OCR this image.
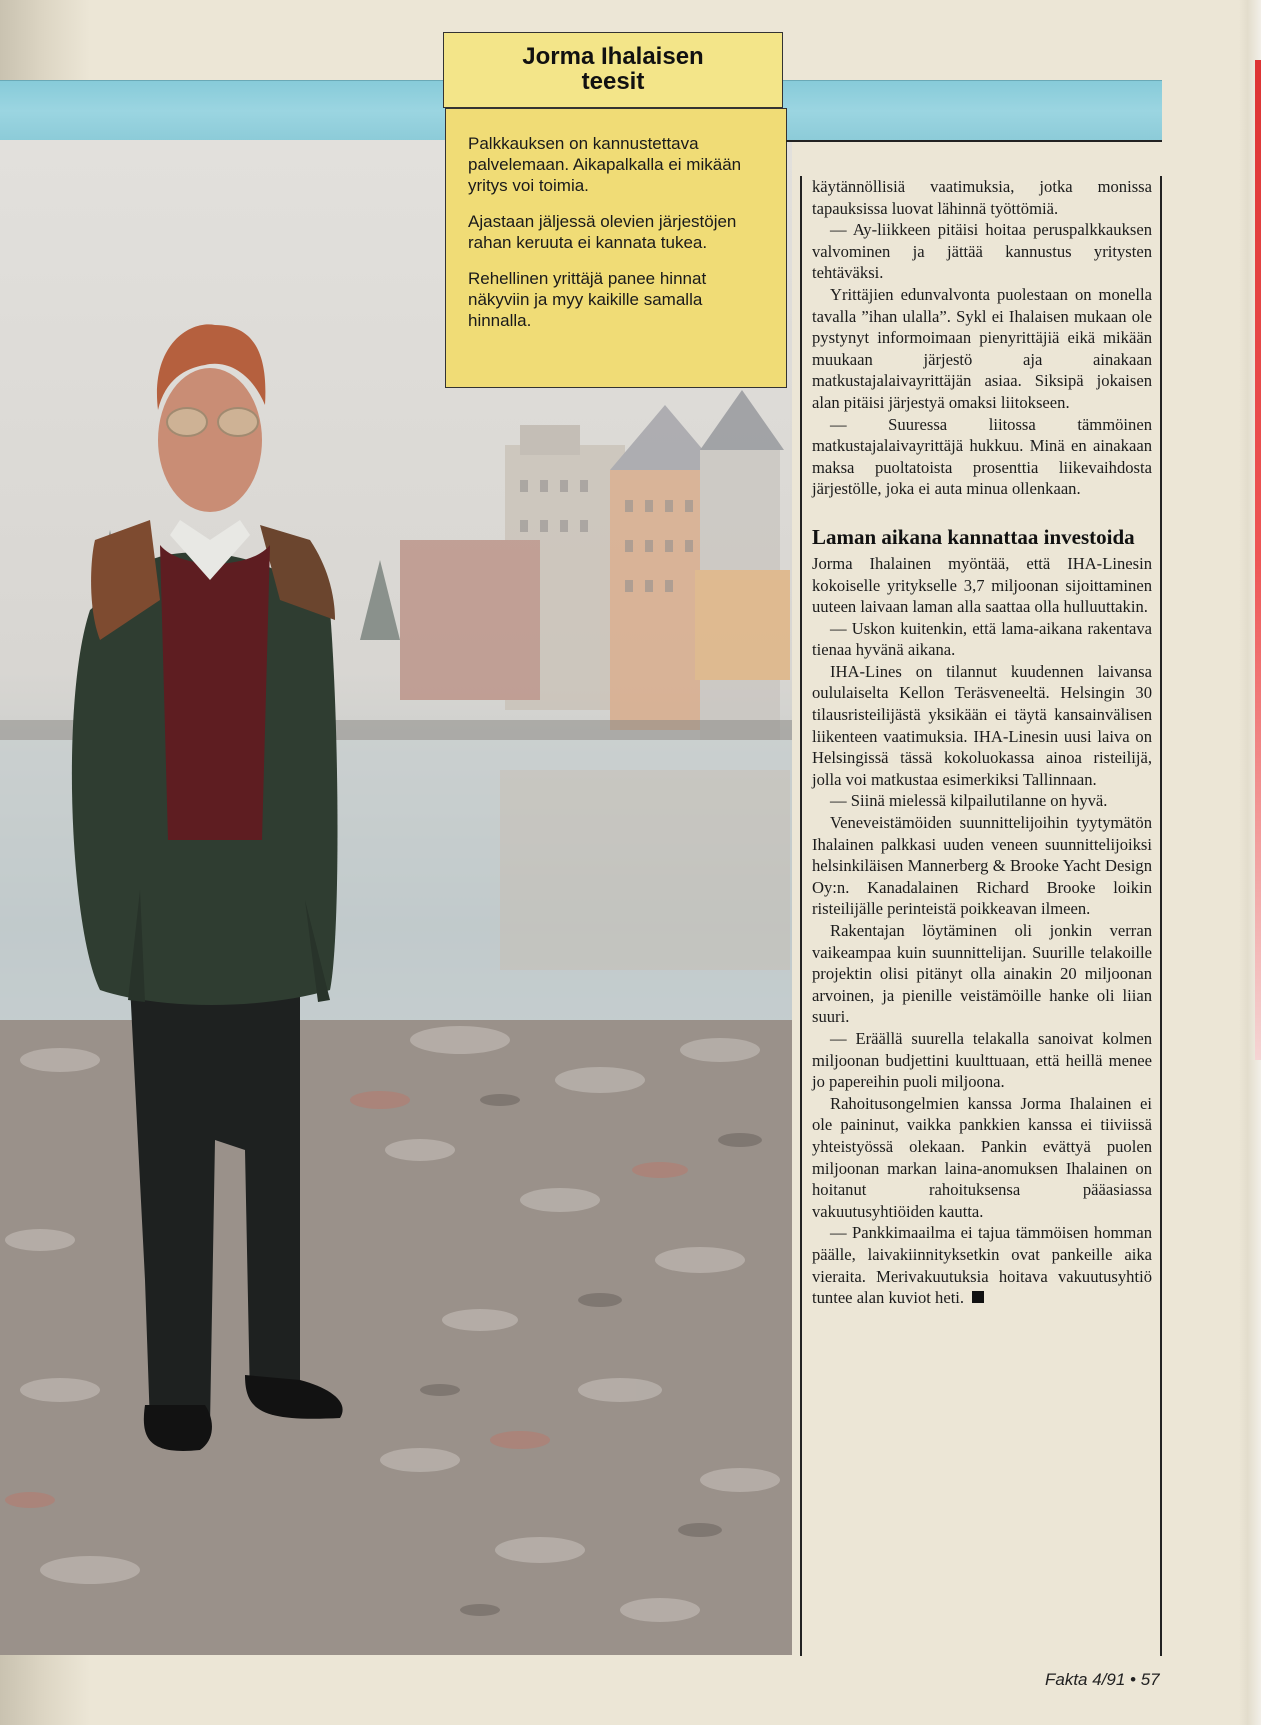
Jorma Ihalaisen

teesit

Palkkauksen on kannustettava palvelemaan. Aikapalkalla ei mikään yritys voi toimia.

Ajastaan jäljessä olevien järjestöjen rahan keruuta ei kannata tukea.

Rehellinen yrittäjä panee hinnat näkyviin ja myy kaikille samalla hinnalla.

käytännöllisiä vaatimuksia, jotka monissa tapauksissa luovat lähinnä työttömiä.

— Ay-liikkeen pitäisi hoitaa peruspalkkauksen valvominen ja jättää kannustus yritysten tehtäväksi.

Yrittäjien edunvalvonta puolestaan on monella tavalla ”ihan ulalla”. Sykl ei Ihalaisen mukaan ole pystynyt informoimaan pienyrittäjiä eikä mikään muukaan järjestö aja ainakaan matkustajalaivayrittäjän asiaa. Siksipä jokaisen alan pitäisi järjestyä omaksi liitokseen.

— Suuressa liitossa tämmöinen matkustajalaivayrittäjä hukkuu. Minä en ainakaan maksa puoltatoista prosenttia liikevaihdosta järjestölle, joka ei auta minua ollenkaan.

Laman aikana kannattaa investoida

Jorma Ihalainen myöntää, että IHA-Linesin kokoiselle yritykselle 3,7 miljoonan sijoittaminen uuteen laivaan laman alla saattaa olla hulluuttakin.

— Uskon kuitenkin, että lama-aikana rakentava tienaa hyvänä aikana.

IHA-Lines on tilannut kuudennen laivansa oululaiselta Kellon Teräsveneeltä. Helsingin 30 tilausristeilijästä yksikään ei täytä kansainvälisen liikenteen vaatimuksia. IHA-Linesin uusi laiva on Helsingissä tässä kokoluokassa ainoa risteilijä, jolla voi matkustaa esimerkiksi Tallinnaan.

— Siinä mielessä kilpailutilanne on hyvä.

Veneveistämöiden suunnittelijoihin tyytymätön Ihalainen palkkasi uuden veneen suunnittelijoiksi helsinkiläisen Mannerberg & Brooke Yacht Design Oy:n. Kanadalainen Richard Brooke loikin risteilijälle perinteistä poikkeavan ilmeen.

Rakentajan löytäminen oli jonkin verran vaikeampaa kuin suunnittelijan. Suurille telakoille projektin olisi pitänyt olla ainakin 20 miljoonan arvoinen, ja pienille veistämöille hanke oli liian suuri.

— Eräällä suurella telakalla sanoivat kolmen miljoonan budjettini kuulttuaan, että heillä menee jo papereihin puoli miljoona.

Rahoitusongelmien kanssa Jorma Ihalainen ei ole paininut, vaikka pankkien kanssa ei tiiviissä yhteistyössä olekaan. Pankin evättyä puolen miljoonan markan laina-anomuksen Ihalainen on hoitanut rahoituksensa pääasiassa vakuutusyhtiöiden kautta.

— Pankkimaailma ei tajua tämmöisen homman päälle, laivakiinnityksetkin ovat pankeille aika vieraita. Merivakuutuksia hoitava vakuutusyhtiö tuntee alan kuviot heti.

Fakta 4/91 • 57
